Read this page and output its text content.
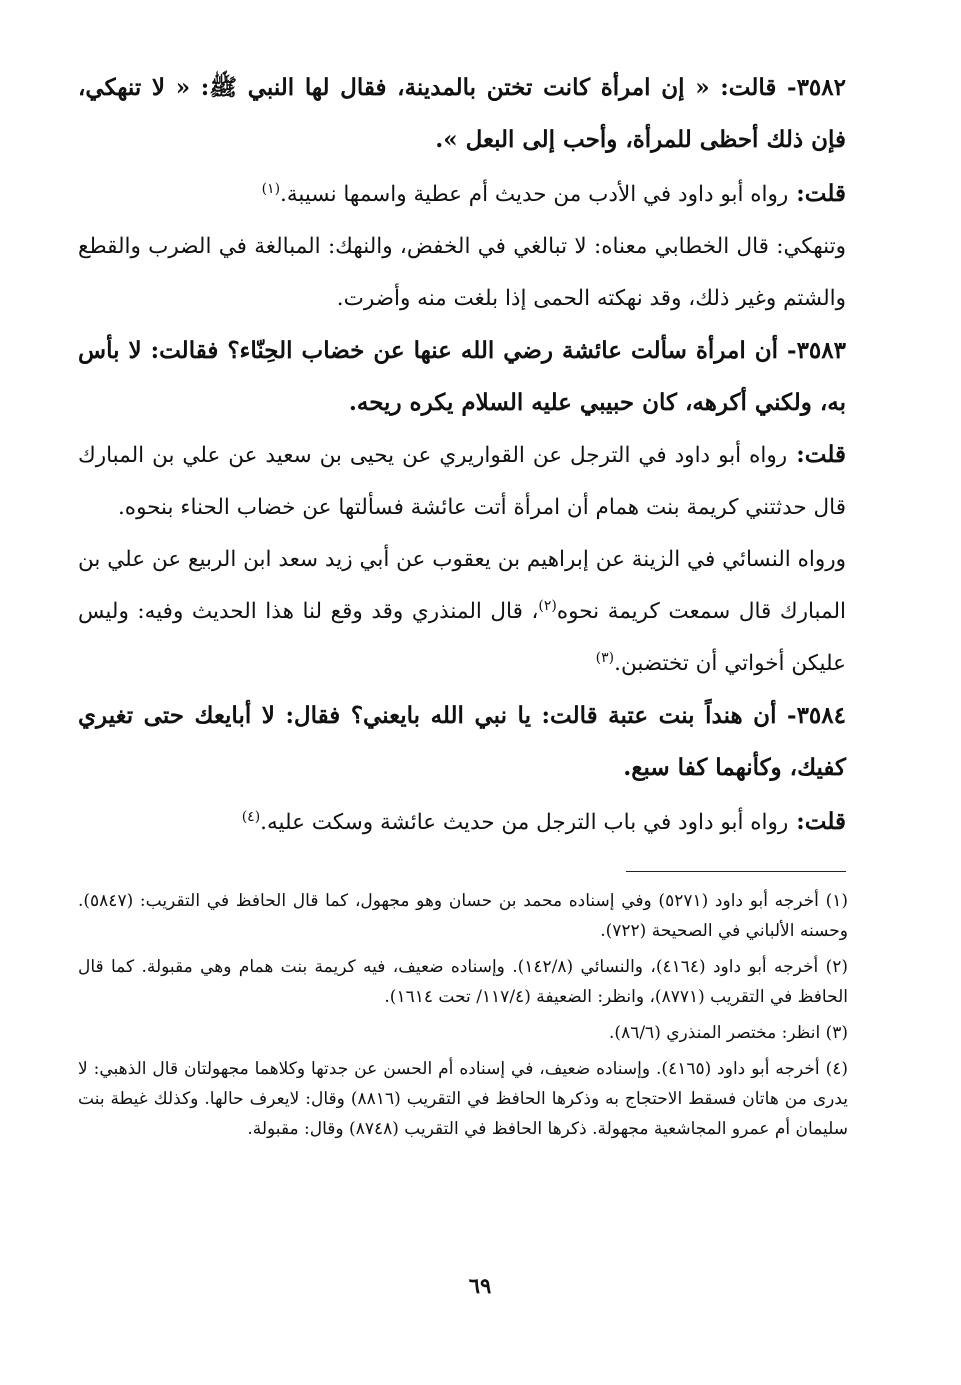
٣٥٨٢- قالت: « إن امرأة كانت تختن بالمدينة، فقال لها النبي ﷺ: « لا تنهكي، فإن ذلك أحظى للمرأة، وأحب إلى البعل ».

قلت: رواه أبو داود في الأدب من حديث أم عطية واسمها نسيبة.$^{(١)}$

وتنهكي: قال الخطابي معناه: لا تبالغي في الخفض، والنهك: المبالغة في الضرب والقطع والشتم وغير ذلك، وقد نهكته الحمى إذا بلغت منه وأضرت.

٣٥٨٣- أن امرأة سألت عائشة رضي الله عنها عن خضاب الحِنّاء؟ فقالت: لا بأس به، ولكني أكرهه، كان حبيبي عليه السلام يكره ريحه.

قلت: رواه أبو داود في الترجل عن القواريري عن يحيى بن سعيد عن علي بن المبارك قال حدثتني كريمة بنت همام أن امرأة أتت عائشة فسألتها عن خضاب الحناء بنحوه.

ورواه النسائي في الزينة عن إبراهيم بن يعقوب عن أبي زيد سعد ابن الربيع عن علي بن المبارك قال سمعت كريمة نحوه$^{(٢)}$، قال المنذري وقد وقع لنا هذا الحديث وفيه: وليس عليكن أخواتي أن تختضبن.$^{(٣)}$

٣٥٨٤- أن هنداً بنت عتبة قالت: يا نبي الله بايعني؟ فقال: لا أبايعك حتى تغيري كفيك، وكأنهما كفا سبع.

قلت: رواه أبو داود في باب الترجل من حديث عائشة وسكت عليه.$^{(٤)}$

(١) أخرجه أبو داود (٥٢٧١) وفي إسناده محمد بن حسان وهو مجهول، كما قال الحافظ في التقريب: (٥٨٤٧). وحسنه الألباني في الصحيحة (٧٢٢).

(٢) أخرجه أبو داود (٤١٦٤)، والنسائي (١٤٢/٨). وإسناده ضعيف، فيه كريمة بنت همام وهي مقبولة. كما قال الحافظ في التقريب (٨٧٧١)، وانظر: الضعيفة (١١٧/٤/ تحت ١٦١٤).

(٣) انظر: مختصر المنذري (٨٦/٦).

(٤) أخرجه أبو داود (٤١٦٥). وإسناده ضعيف، في إسناده أم الحسن عن جدتها وكلاهما مجهولتان قال الذهبي: لا يدرى من هاتان فسقط الاحتجاج به وذكرها الحافظ في التقريب (٨٨١٦) وقال: لايعرف حالها. وكذلك غيطة بنت سليمان أم عمرو المجاشعية مجهولة. ذكرها الحافظ في التقريب (٨٧٤٨) وقال: مقبولة.

٦٩
